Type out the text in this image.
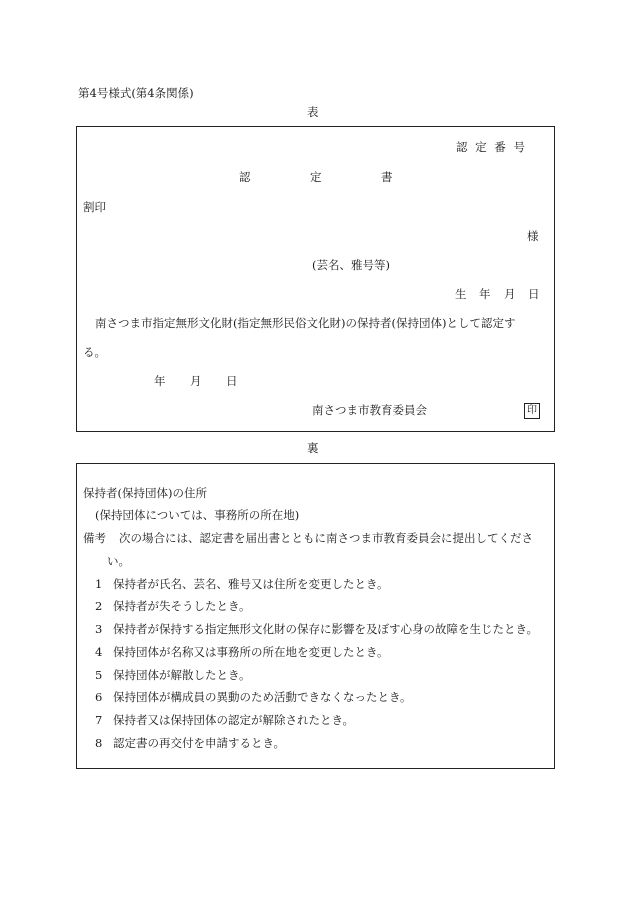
第4号様式(第4条関係)
表
認 定 番 号
認	定	書
割印
様
(芸名、雅号等)
生 年 月 日
南さつま市指定無形文化財(指定無形民俗文化財)の保持者(保持団体)として認定す
る。
年 月 日
南さつま市教育委員会	印
裏
保持者(保持団体)の住所
(保持団体については、事務所の所在地)
備考 次の場合には、認定書を届出書とともに南さつま市教育委員会に提出してくださ
い。
1 保持者が氏名、芸名、雅号又は住所を変更したとき。
2 保持者が失そうしたとき。
3 保持者が保持する指定無形文化財の保存に影響を及ぼす心身の故障を生じたとき。
4 保持団体が名称又は事務所の所在地を変更したとき。
5 保持団体が解散したとき。
6 保持団体が構成員の異動のため活動できなくなったとき。
7 保持者又は保持団体の認定が解除されたとき。
8 認定書の再交付を申請するとき。
